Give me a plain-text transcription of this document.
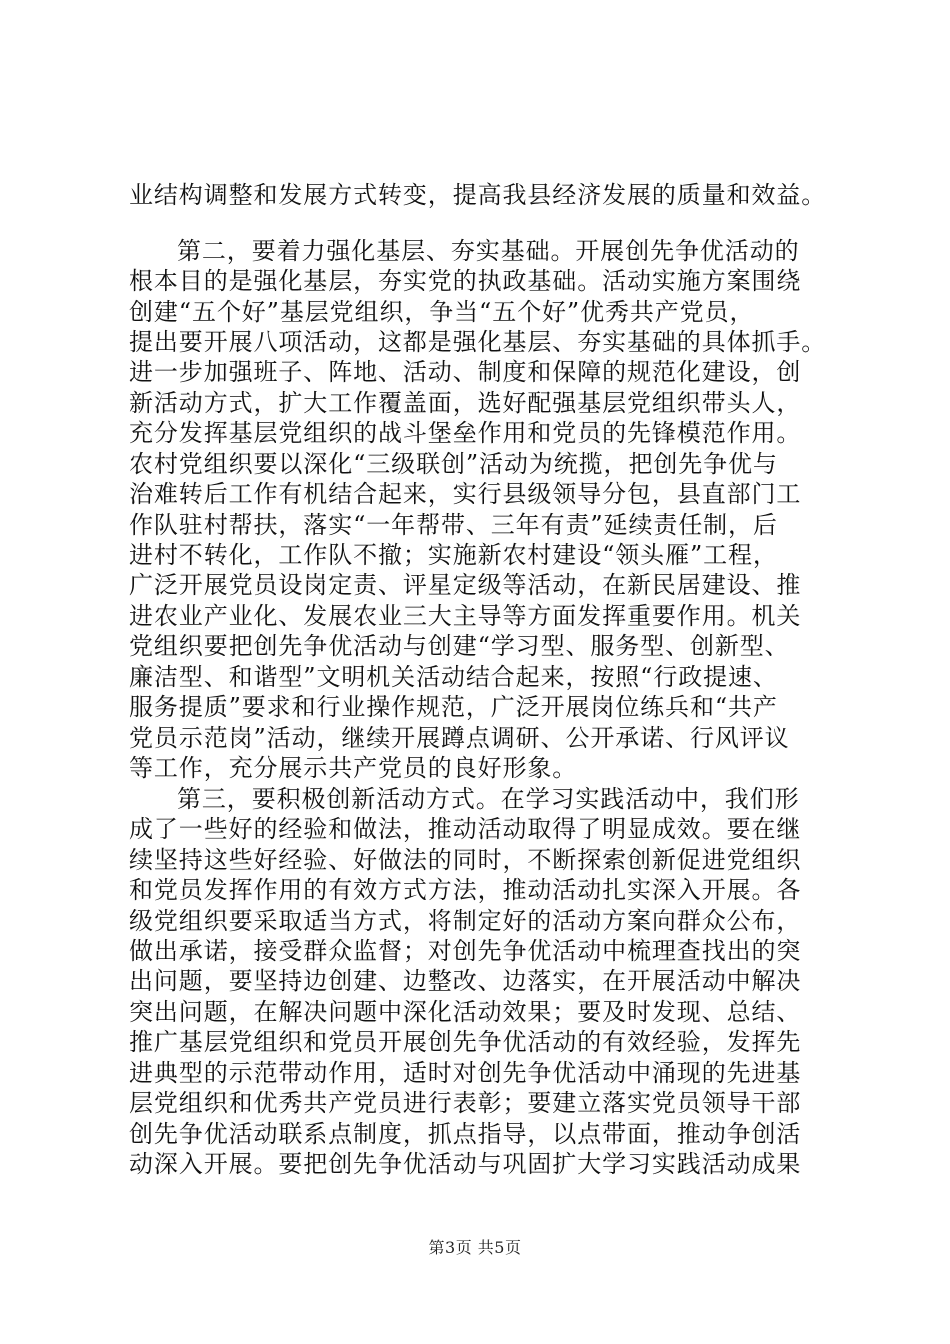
业结构调整和发展方式转变，提高我县经济发展的质量和效益。
第二，要着力强化基层、夯实基础。开展创先争优活动的
根本目的是强化基层，夯实党的执政基础。活动实施方案围绕
创建“五个好”基层党组织，争当“五个好”优秀共产党员，
提出要开展八项活动，这都是强化基层、夯实基础的具体抓手。
进一步加强班子、阵地、活动、制度和保障的规范化建设，创
新活动方式，扩大工作覆盖面，选好配强基层党组织带头人，
充分发挥基层党组织的战斗堡垒作用和党员的先锋模范作用。
农村党组织要以深化“三级联创”活动为统揽，把创先争优与
治难转后工作有机结合起来，实行县级领导分包，县直部门工
作队驻村帮扶，落实“一年帮带、三年有责”延续责任制，后
进村不转化，工作队不撤；实施新农村建设“领头雁”工程，
广泛开展党员设岗定责、评星定级等活动，在新民居建设、推
进农业产业化、发展农业三大主导等方面发挥重要作用。机关
党组织要把创先争优活动与创建“学习型、服务型、创新型、
廉洁型、和谐型”文明机关活动结合起来，按照“行政提速、
服务提质”要求和行业操作规范，广泛开展岗位练兵和“共产
党员示范岗”活动，继续开展蹲点调研、公开承诺、行风评议
等工作，充分展示共产党员的良好形象。
第三，要积极创新活动方式。在学习实践活动中，我们形
成了一些好的经验和做法，推动活动取得了明显成效。要在继
续坚持这些好经验、好做法的同时，不断探索创新促进党组织
和党员发挥作用的有效方式方法，推动活动扎实深入开展。各
级党组织要采取适当方式，将制定好的活动方案向群众公布，
做出承诺，接受群众监督；对创先争优活动中梳理查找出的突
出问题，要坚持边创建、边整改、边落实，在开展活动中解决
突出问题，在解决问题中深化活动效果；要及时发现、总结、
推广基层党组织和党员开展创先争优活动的有效经验，发挥先
进典型的示范带动作用，适时对创先争优活动中涌现的先进基
层党组织和优秀共产党员进行表彰；要建立落实党员领导干部
创先争优活动联系点制度，抓点指导，以点带面，推动争创活
动深入开展。要把创先争优活动与巩固扩大学习实践活动成果
第3页 共5页
